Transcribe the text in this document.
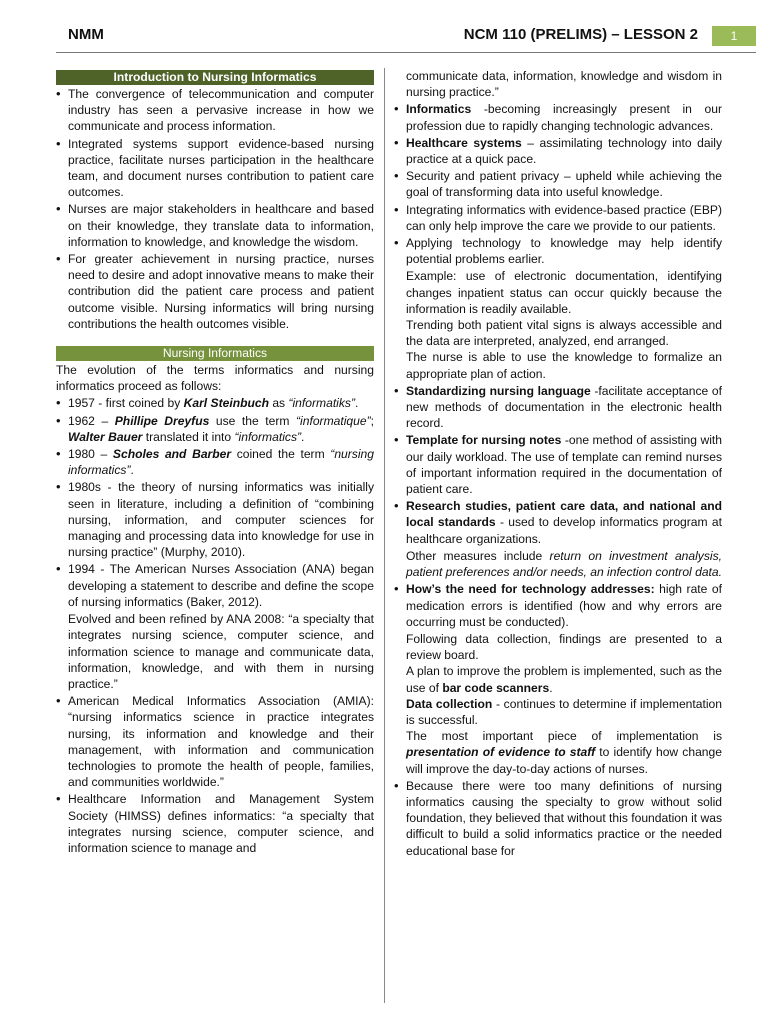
NMM	NCM 110 (PRELIMS) – LESSON 2	1
Introduction to Nursing Informatics
• The convergence of telecommunication and computer industry has seen a pervasive increase in how we communicate and process information.
• Integrated systems support evidence-based nursing practice, facilitate nurses participation in the healthcare team, and document nurses contribution to patient care outcomes.
• Nurses are major stakeholders in healthcare and based on their knowledge, they translate data to information, information to knowledge, and knowledge the wisdom.
• For greater achievement in nursing practice, nurses need to desire and adopt innovative means to make their contribution did the patient care process and patient outcome visible. Nursing informatics will bring nursing contributions the health outcomes visible.
Nursing Informatics
The evolution of the terms informatics and nursing informatics proceed as follows:
• 1957 - first coined by Karl Steinbuch as “informatiks”.
• 1962 – Phillipe Dreyfus use the term “informatique”; Walter Bauer translated it into “informatics”.
• 1980 – Scholes and Barber coined the term “nursing informatics”.
• 1980s - the theory of nursing informatics was initially seen in literature, including a definition of “combining nursing, information, and computer sciences for managing and processing data into knowledge for use in nursing practice” (Murphy, 2010).
• 1994 - The American Nurses Association (ANA) began developing a statement to describe and define the scope of nursing informatics (Baker, 2012).
Evolved and been refined by ANA 2008: “a specialty that integrates nursing science, computer science, and information science to manage and communicate data, information, knowledge, and with them in nursing practice.”
• American Medical Informatics Association (AMIA): “nursing informatics science in practice integrates nursing, its information and knowledge and their management, with information and communication technologies to promote the health of people, families, and communities worldwide.”
• Healthcare Information and Management System Society (HIMSS) defines informatics: “a specialty that integrates nursing science, computer science, and information science to manage and
communicate data, information, knowledge and wisdom in nursing practice.”
• Informatics -becoming increasingly present in our profession due to rapidly changing technologic advances.
• Healthcare systems – assimilating technology into daily practice at a quick pace.
• Security and patient privacy – upheld while achieving the goal of transforming data into useful knowledge.
• Integrating informatics with evidence-based practice (EBP) can only help improve the care we provide to our patients.
• Applying technology to knowledge may help identify potential problems earlier.
Example: use of electronic documentation, identifying changes inpatient status can occur quickly because the information is readily available.
Trending both patient vital signs is always accessible and the data are interpreted, analyzed, end arranged.
The nurse is able to use the knowledge to formalize an appropriate plan of action.
• Standardizing nursing language -facilitate acceptance of new methods of documentation in the electronic health record.
• Template for nursing notes -one method of assisting with our daily workload. The use of template can remind nurses of important information required in the documentation of patient care.
• Research studies, patient care data, and national and local standards - used to develop informatics program at healthcare organizations.
Other measures include return on investment analysis, patient preferences and/or needs, an infection control data.
• How’s the need for technology addresses: high rate of medication errors is identified (how and why errors are occurring must be conducted).
Following data collection, findings are presented to a review board.
A plan to improve the problem is implemented, such as the use of bar code scanners.
Data collection - continues to determine if implementation is successful.
The most important piece of implementation is presentation of evidence to staff to identify how change will improve the day-to-day actions of nurses.
• Because there were too many definitions of nursing informatics causing the specialty to grow without solid foundation, they believed that without this foundation it was difficult to build a solid informatics practice or the needed educational base for
